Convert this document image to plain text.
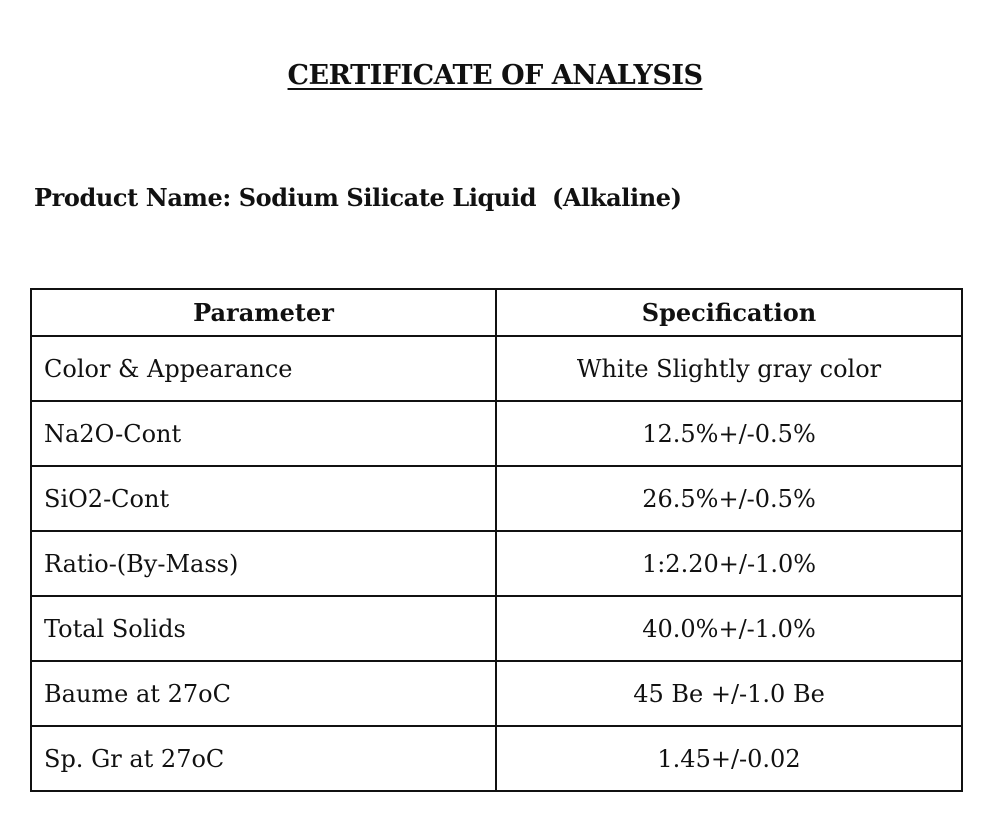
CERTIFICATE OF ANALYSIS
Product Name: Sodium Silicate Liquid  (Alkaline)
Parameter	Specification
Color & Appearance	White Slightly gray color
Na2O-Cont	12.5%+/-0.5%
SiO2-Cont	26.5%+/-0.5%
Ratio-(By-Mass)	1:2.20+/-1.0%
Total Solids	40.0%+/-1.0%
Baume at 27oC	45 Be +/-1.0 Be
Sp. Gr at 27oC	1.45+/-0.02
